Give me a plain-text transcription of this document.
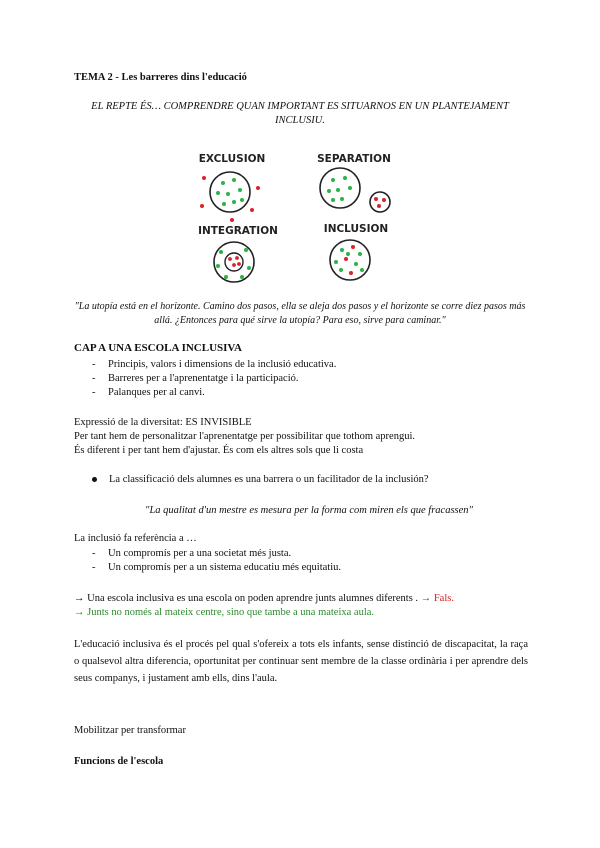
TEMA 2 - Les barreres dins l'educació
EL REPTE ÉS… COMPRENDRE QUAN IMPORTANT ES SITUARNOS EN UN PLANTEJAMENT INCLUSIU.
EXCLUSION	SEPARATION
INTEGRATION	INCLUSION
"La utopía está en el horizonte. Camino dos pasos, ella se aleja dos pasos y el horizonte se corre diez pasos más allá. ¿Entonces para qué sirve la utopía? Para eso, sirve para caminar."
CAP A UNA ESCOLA INCLUSIVA
- Principis, valors i dimensions de la inclusió educativa.
- Barreres per a l'aprenentatge i la participació.
- Palanques per al canvi.
Expressió de la diversitat: ES INVISIBLE
Per tant hem de personalitzar l'aprenentatge per possibilitar que tothom aprengui.
És diferent i per tant hem d'ajustar. És com els altres sols que li costa
La classificació dels alumnes es una barrera o un facilitador de la inclusión?
"La qualitat d'un mestre es mesura per la forma com miren els que fracassen"
La inclusió fa referència a …
- Un compromís per a una societat més justa.
- Un compromís per a un sistema educatiu més equitatiu.
→ Una escola inclusiva es una escola on poden aprendre junts alumnes diferents . → Fals.
→ Junts no només al mateix centre, sino que tambe a una mateixa aula.
L'educació inclusiva és el procés pel qual s'ofereix a tots els infants, sense distinció de discapacitat, la raça o qualsevol altra diferencia, oportunitat per continuar sent membre de la classe ordinària i per aprendre dels seus companys, i justament amb ells, dins l'aula.
Mobilitzar per transformar
Funcions de l'escola
